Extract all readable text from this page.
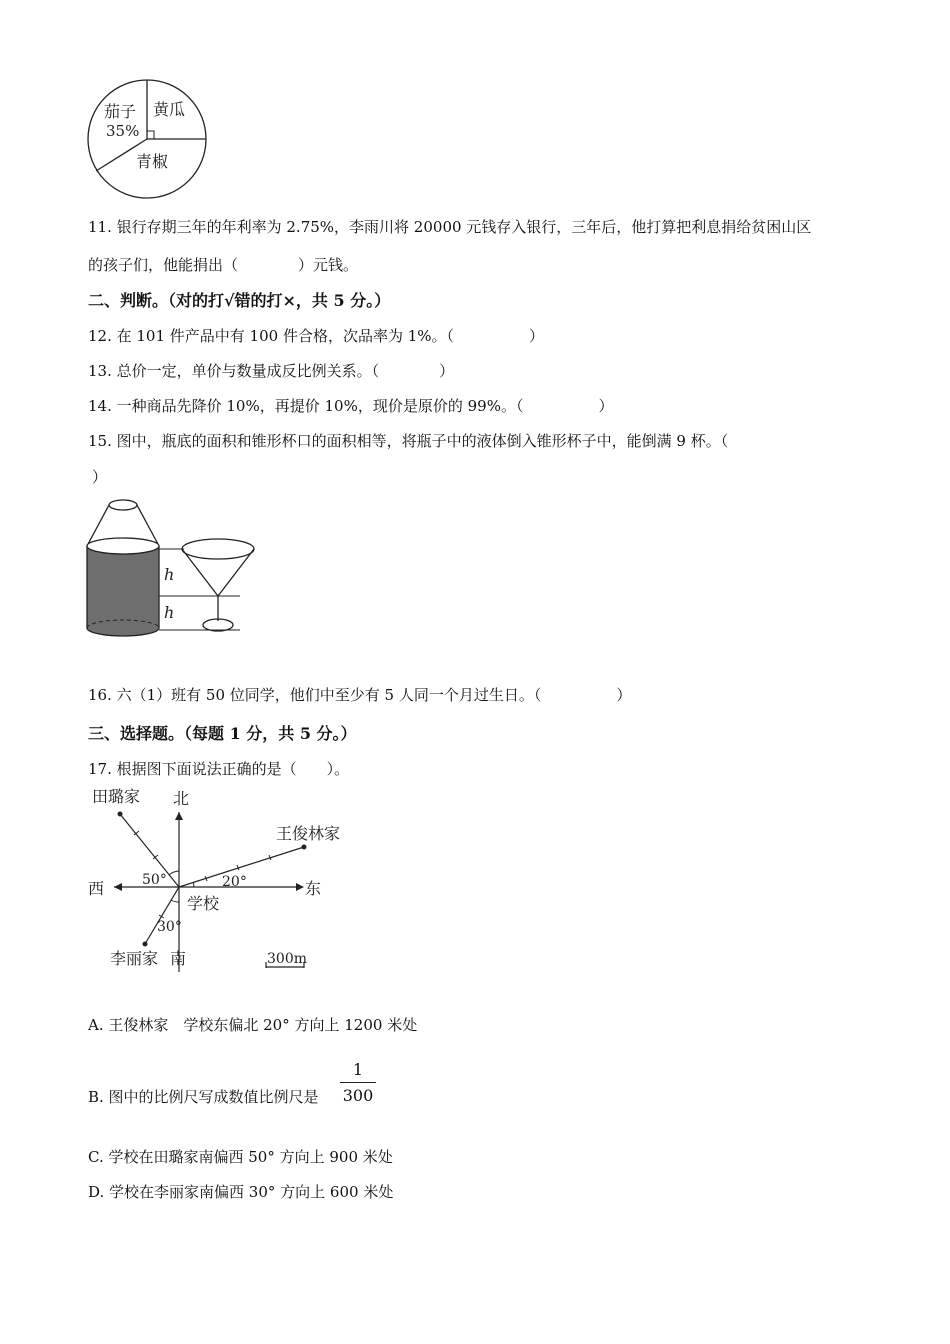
茄子
35%
黄瓜
青椒
11. 银行存期三年的年利率为 2.75%，李雨川将 20000 元钱存入银行，三年后，他打算把利息捐给贫困山区
的孩子们，他能捐出（　　　　）元钱。
二、判断。（对的打√错的打×，共 5 分。）
12. 在 101 件产品中有 100 件合格，次品率为 1%。（　　　　　）
13. 总价一定，单价与数量成反比例关系。（　　　　）
14. 一种商品先降价 10%，再提价 10%，现价是原价的 99%。（　　　　　）
15. 图中，瓶底的面积和锥形杯口的面积相等，将瓶子中的液体倒入锥形杯子中，能倒满 9 杯。（
）
h
h
16. 六（1）班有 50 位同学，他们中至少有 5 人同一个月过生日。（　　　　　）
三、选择题。（每题 1 分，共 5 分。）
17. 根据图下面说法正确的是（　　）。
田璐家 北
王俊林家
西	东
50°	20°
学校
30°
李丽家 南	300m
A. 王俊林家　学校东偏北 20° 方向上 1200 米处
B. 图中的比例尺写成数值比例尺是 $\frac{1}{300}$
C. 学校在田璐家南偏西 50° 方向上 900 米处
D. 学校在李丽家南偏西 30° 方向上 600 米处
